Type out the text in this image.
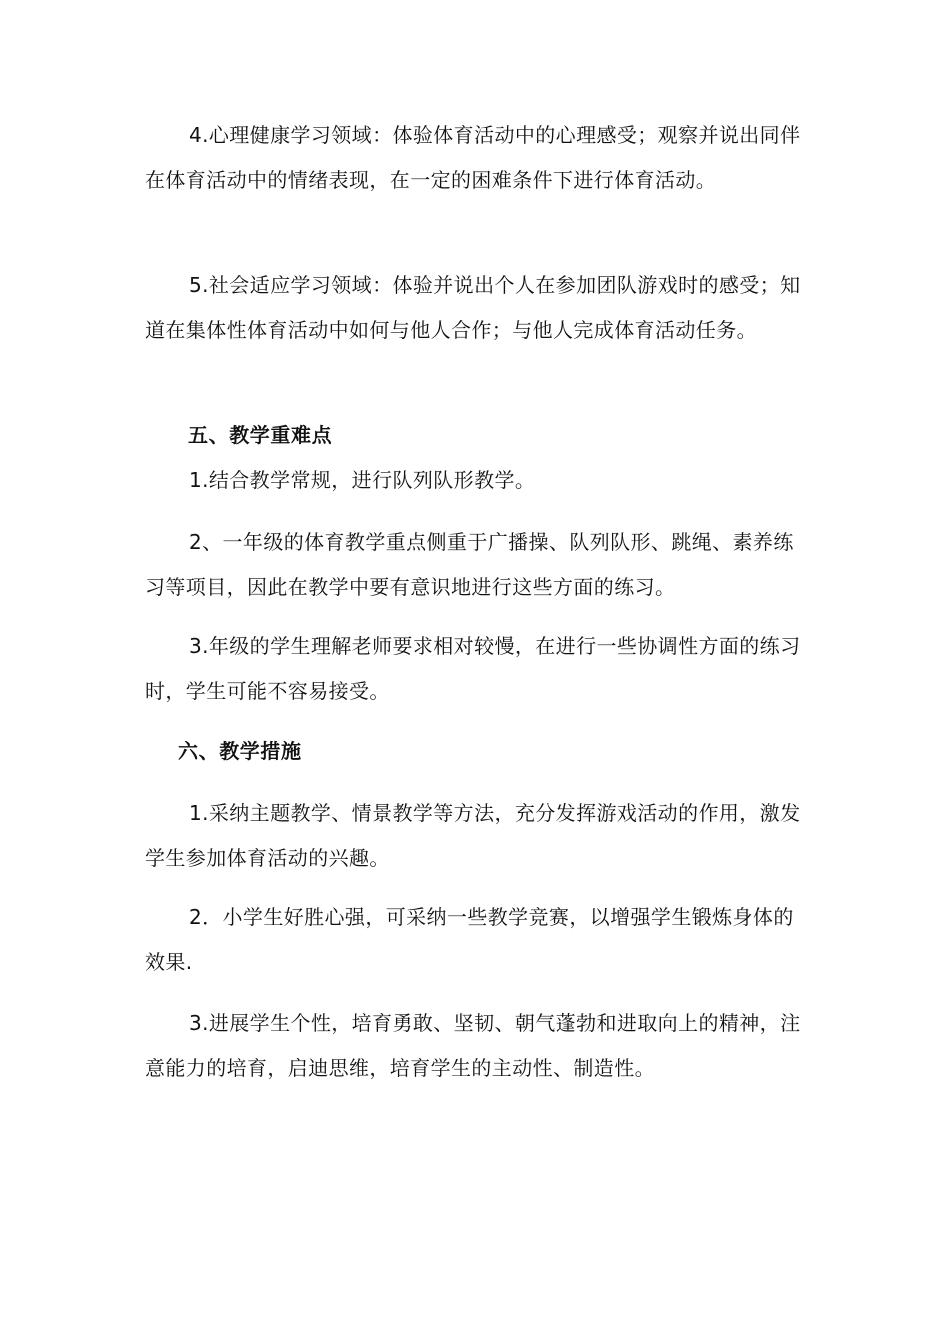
4.心理健康学习领域：体验体育活动中的心理感受；观察并说出同伴在体育活动中的情绪表现，在一定的困难条件下进行体育活动。

5.社会适应学习领域：体验并说出个人在参加团队游戏时的感受；知道在集体性体育活动中如何与他人合作；与他人完成体育活动任务。

五、教学重难点

1.结合教学常规，进行队列队形教学。

2、一年级的体育教学重点侧重于广播操、队列队形、跳绳、素养练习等项目，因此在教学中要有意识地进行这些方面的练习。

3.年级的学生理解老师要求相对较慢，在进行一些协调性方面的练习时，学生可能不容易接受。

六、教学措施

1.采纳主题教学、情景教学等方法，充分发挥游戏活动的作用，激发学生参加体育活动的兴趣。

2．小学生好胜心强，可采纳一些教学竞赛，以增强学生锻炼身体的效果.

3.进展学生个性，培育勇敢、坚韧、朝气蓬勃和进取向上的精神，注意能力的培育，启迪思维，培育学生的主动性、制造性。
